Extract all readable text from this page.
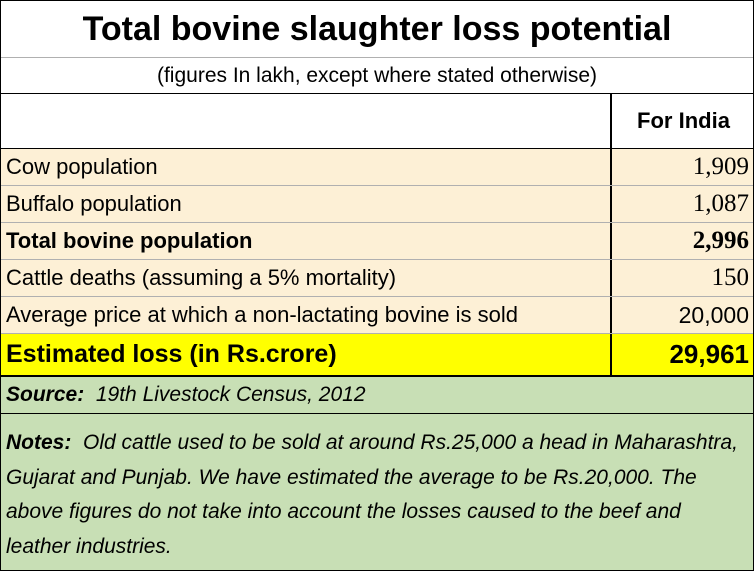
Total bovine slaughter loss potential
(figures In lakh, except where stated otherwise)
For India
Cow population	1,909
Buffalo population	1,087
Total bovine population	2,996
Cattle deaths (assuming a 5% mortality)	150
Average price at which a non-lactating bovine is sold	20,000
Estimated loss (in Rs.crore)	29,961
Source:
19th Livestock Census, 2012
Notes: Old cattle used to be sold at around Rs.25,000 a head in Maharashtra, Gujarat and Punjab. We have estimated the average to be Rs.20,000. The above figures do not take into account the losses caused to the beef and leather industries.
